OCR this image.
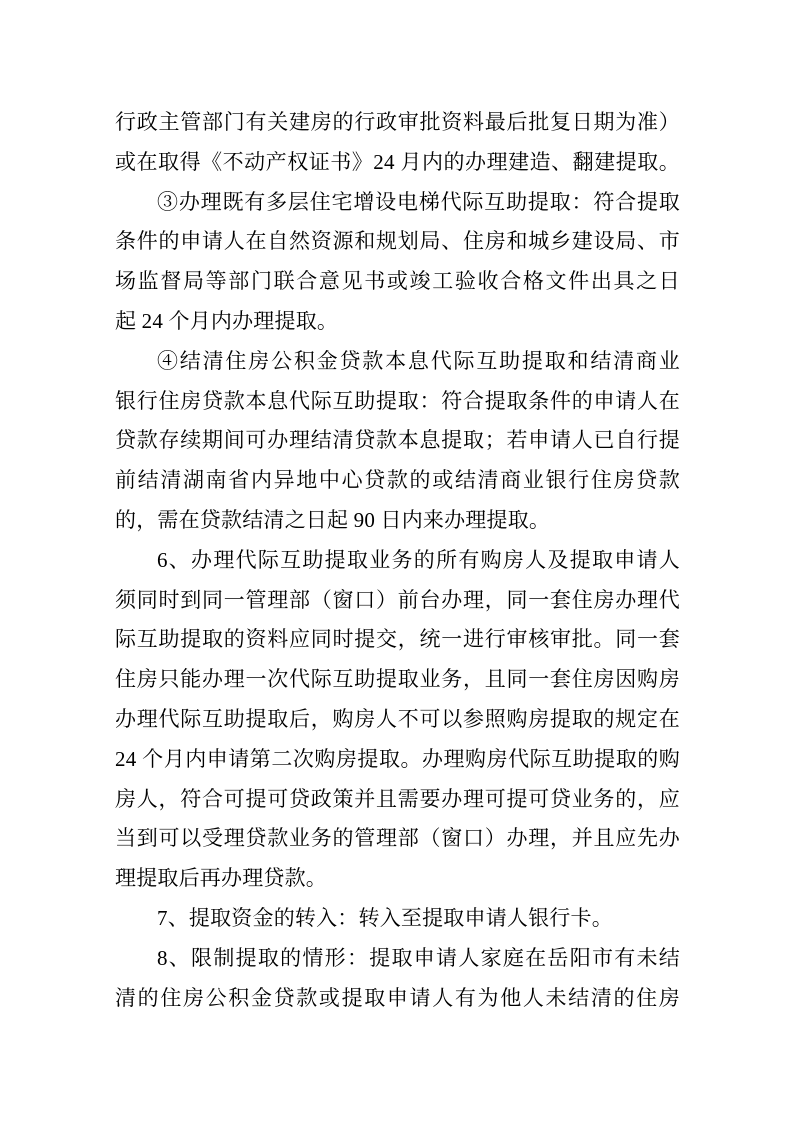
行政主管部门有关建房的行政审批资料最后批复日期为准）
或在取得《不动产权证书》24 月内的办理建造、翻建提取。
③办理既有多层住宅增设电梯代际互助提取：符合提取
条件的申请人在自然资源和规划局、住房和城乡建设局、市
场监督局等部门联合意见书或竣工验收合格文件出具之日
起 24 个月内办理提取。
④结清住房公积金贷款本息代际互助提取和结清商业
银行住房贷款本息代际互助提取：符合提取条件的申请人在
贷款存续期间可办理结清贷款本息提取；若申请人已自行提
前结清湖南省内异地中心贷款的或结清商业银行住房贷款
的，需在贷款结清之日起 90 日内来办理提取。
6、办理代际互助提取业务的所有购房人及提取申请人
须同时到同一管理部（窗口）前台办理，同一套住房办理代
际互助提取的资料应同时提交，统一进行审核审批。同一套
住房只能办理一次代际互助提取业务，且同一套住房因购房
办理代际互助提取后，购房人不可以参照购房提取的规定在
24 个月内申请第二次购房提取。办理购房代际互助提取的购
房人，符合可提可贷政策并且需要办理可提可贷业务的，应
当到可以受理贷款业务的管理部（窗口）办理，并且应先办
理提取后再办理贷款。
7、提取资金的转入：转入至提取申请人银行卡。
8、限制提取的情形：提取申请人家庭在岳阳市有未结
清的住房公积金贷款或提取申请人有为他人未结清的住房
